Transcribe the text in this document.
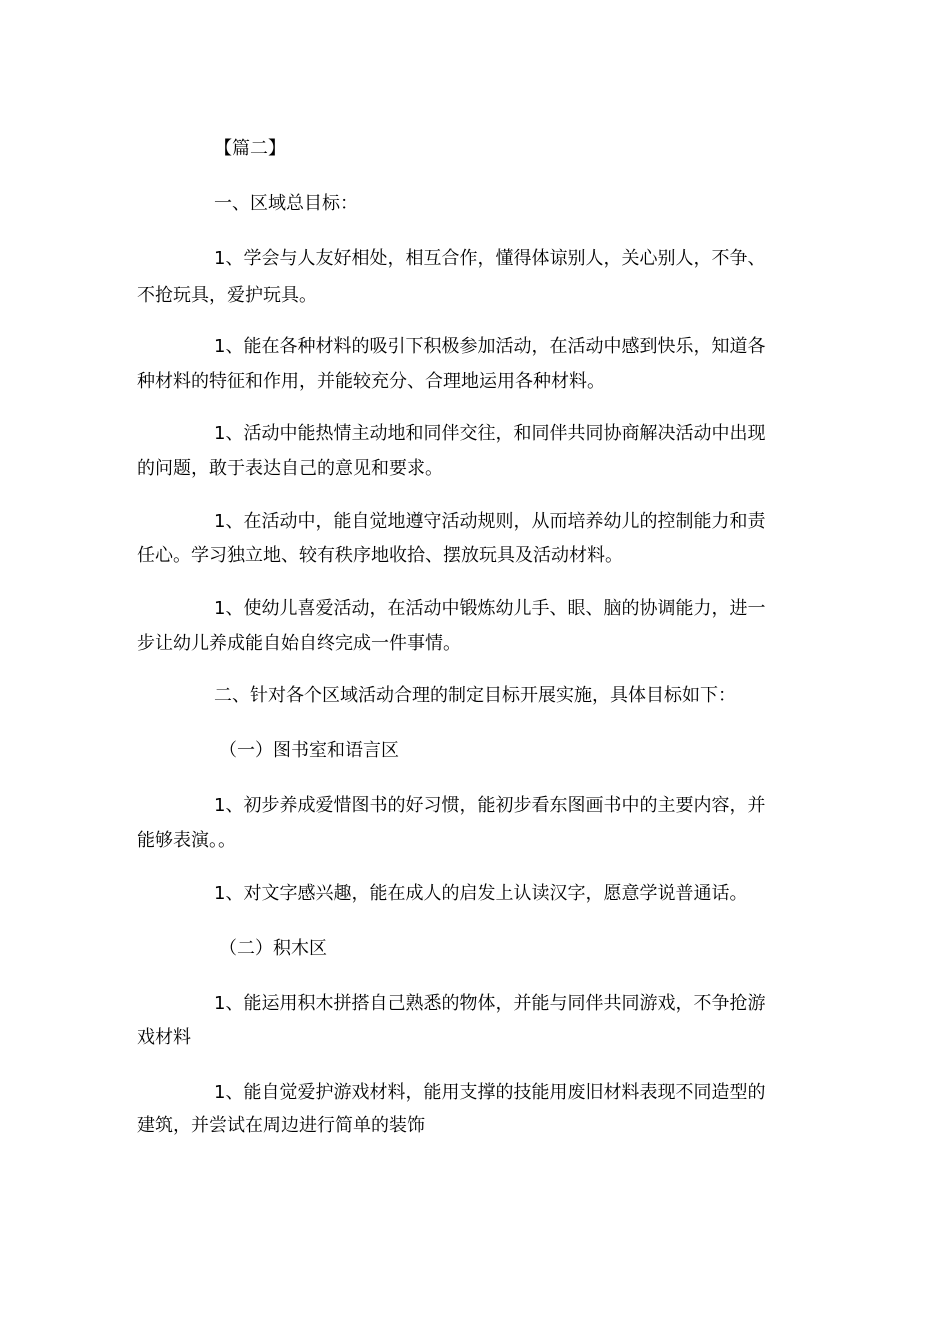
【篇二】
一、区域总目标：
1、学会与人友好相处，相互合作，懂得体谅别人，关心别人，不争、
不抢玩具，爱护玩具。
1、能在各种材料的吸引下积极参加活动，在活动中感到快乐，知道各
种材料的特征和作用，并能较充分、合理地运用各种材料。
1、活动中能热情主动地和同伴交往，和同伴共同协商解决活动中出现
的问题，敢于表达自己的意见和要求。
1、在活动中，能自觉地遵守活动规则，从而培养幼儿的控制能力和责
任心。学习独立地、较有秩序地收拾、摆放玩具及活动材料。
1、使幼儿喜爱活动，在活动中锻炼幼儿手、眼、脑的协调能力，进一
步让幼儿养成能自始自终完成一件事情。
二、针对各个区域活动合理的制定目标开展实施，具体目标如下：
（一）图书室和语言区
1、初步养成爱惜图书的好习惯，能初步看东图画书中的主要内容，并
能够表演。。
1、对文字感兴趣，能在成人的启发上认读汉字，愿意学说普通话。
（二）积木区
1、能运用积木拼搭自己熟悉的物体，并能与同伴共同游戏，不争抢游
戏材料
1、能自觉爱护游戏材料，能用支撑的技能用废旧材料表现不同造型的
建筑，并尝试在周边进行简单的装饰
